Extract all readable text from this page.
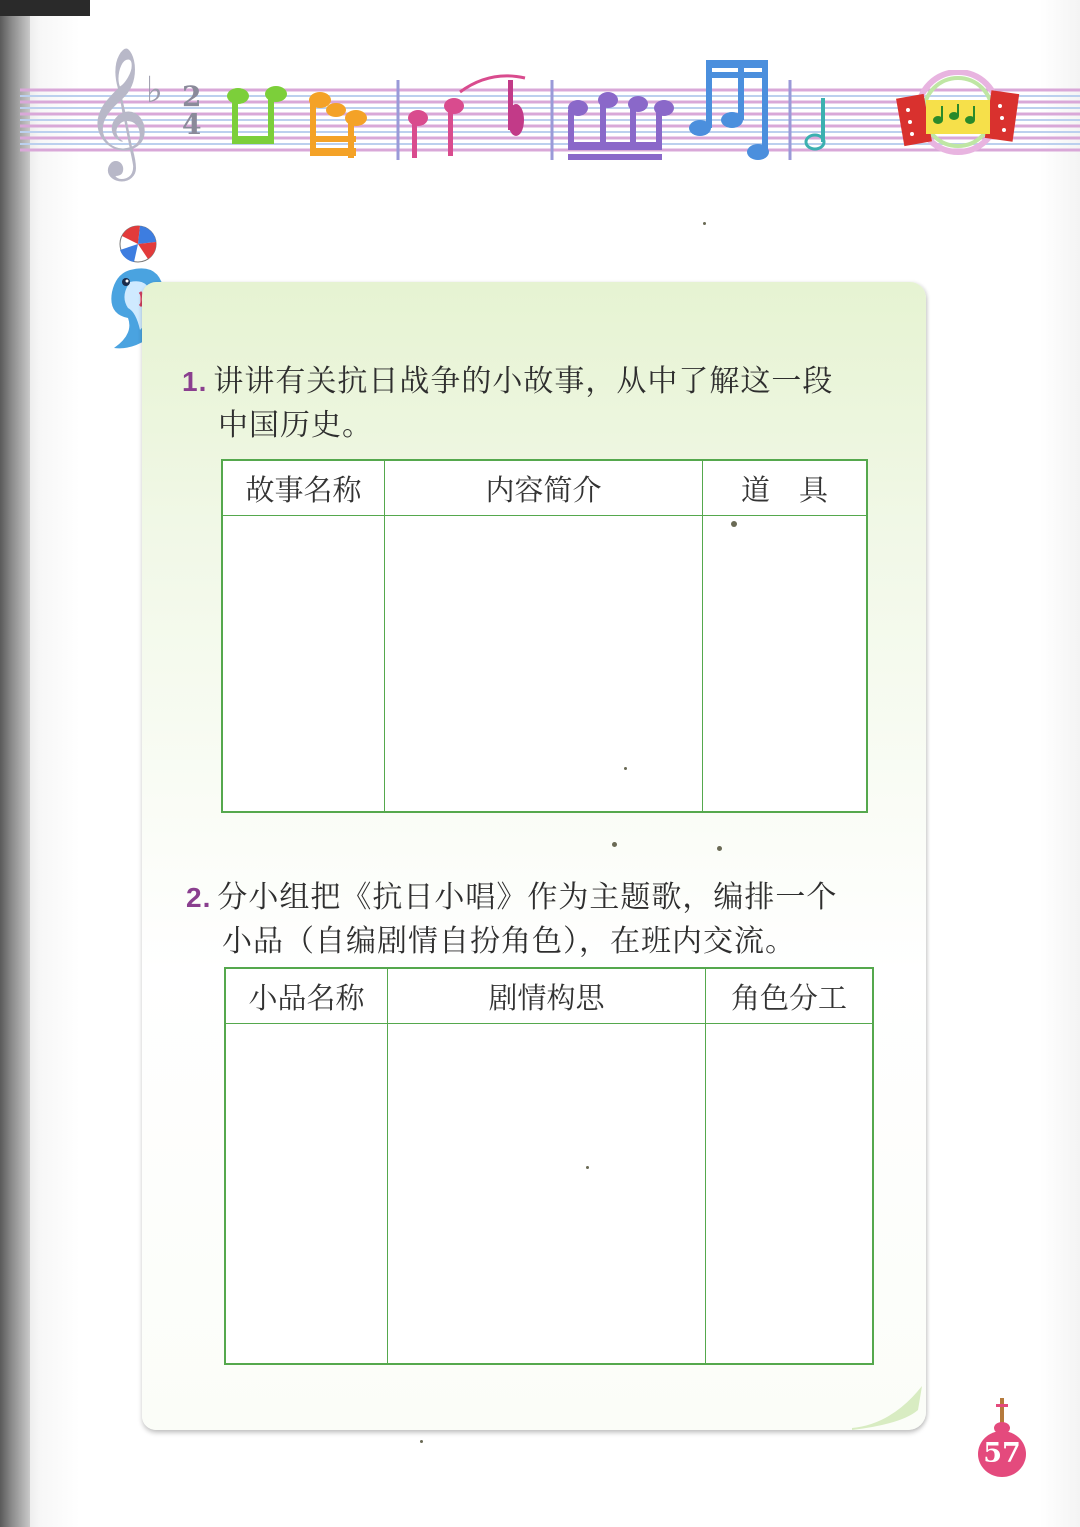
𝄞
♭ 2
4
1. 讲讲有关抗日战争的小故事，从中了解这一段
中国历史。
故事名称	内容简介	道　具

2. 分小组把《抗日小唱》作为主题歌，编排一个
小品（自编剧情自扮角色），在班内交流。
小品名称	剧情构思	角色分工

57
